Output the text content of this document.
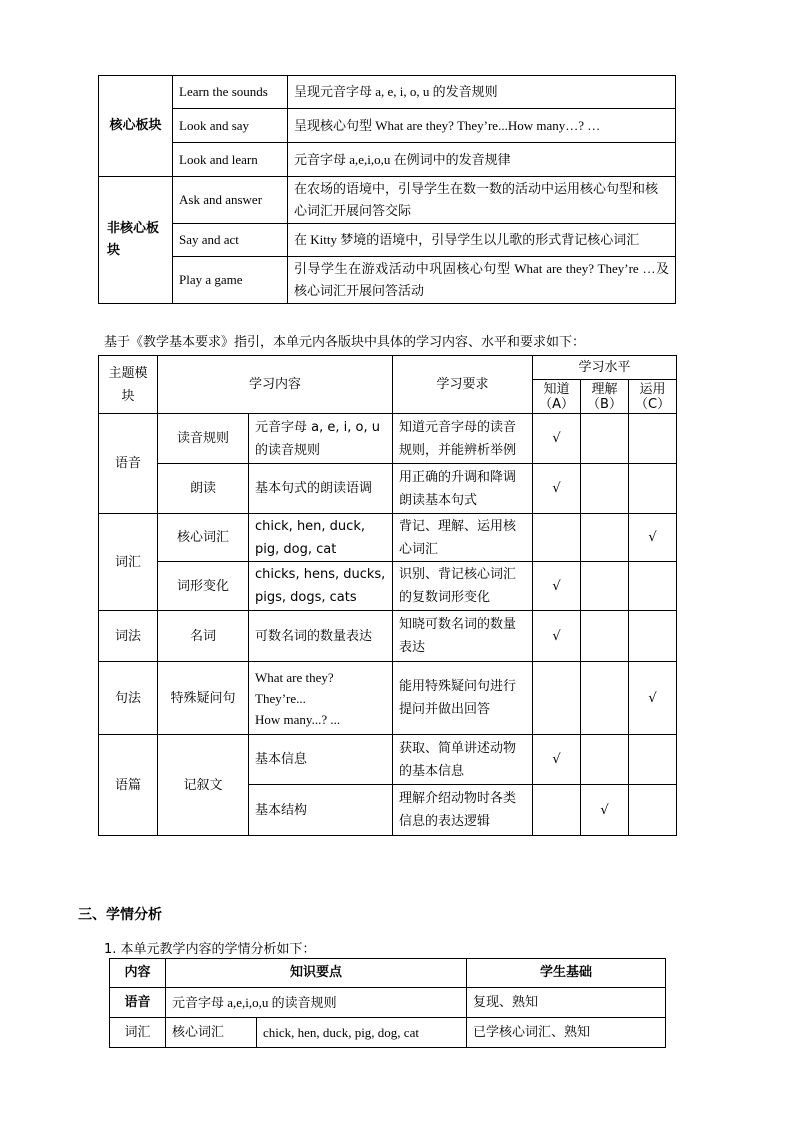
核心板块	Learn the sounds	呈现元音字母 a, e, i, o, u 的发音规则
	Look and say	呈现核心句型 What are they? They’re...How many…? …
	Look and learn	元音字母 a,e,i,o,u 在例词中的发音规律
非核心板块	Ask and answer	在农场的语境中，引导学生在数一数的活动中运用核心句型和核心词汇开展问答交际
	Say and act	在 Kitty 梦境的语境中，引导学生以儿歌的形式背记核心词汇
	Play a game	引导学生在游戏活动中巩固核心句型 What are they? They’re …及核心词汇开展问答活动
基于《教学基本要求》指引，本单元内各版块中具体的学习内容、水平和要求如下：
主题模块	学习内容		学习要求	学习水平		
				知道（A）	理解（B）	运用（C）
语音	读音规则	元音字母 a, e, i, o, u 的读音规则	知道元音字母的读音规则，并能辨析举例	√		
	朗读	基本句式的朗读语调	用正确的升调和降调朗读基本句式	√		
词汇	核心词汇	chick, hen, duck, pig, dog, cat	背记、理解、运用核心词汇			√
	词形变化	chicks, hens, ducks, pigs, dogs, cats	识别、背记核心词汇的复数词形变化	√		
词法	名词	可数名词的数量表达	知晓可数名词的数量表达	√		
句法	特殊疑问句	What are they?
They’re...
How many...? ...	能用特殊疑问句进行提问并做出回答			√
语篇	记叙文	基本信息	获取、简单讲述动物的基本信息	√		
		基本结构	理解介绍动物时各类信息的表达逻辑		√	
三、学情分析
1. 本单元教学内容的学情分析如下：
内容	知识要点		学生基础
语音	元音字母 a,e,i,o,u 的读音规则		复现、熟知
词汇	核心词汇	chick, hen, duck, pig, dog, cat	已学核心词汇、熟知
